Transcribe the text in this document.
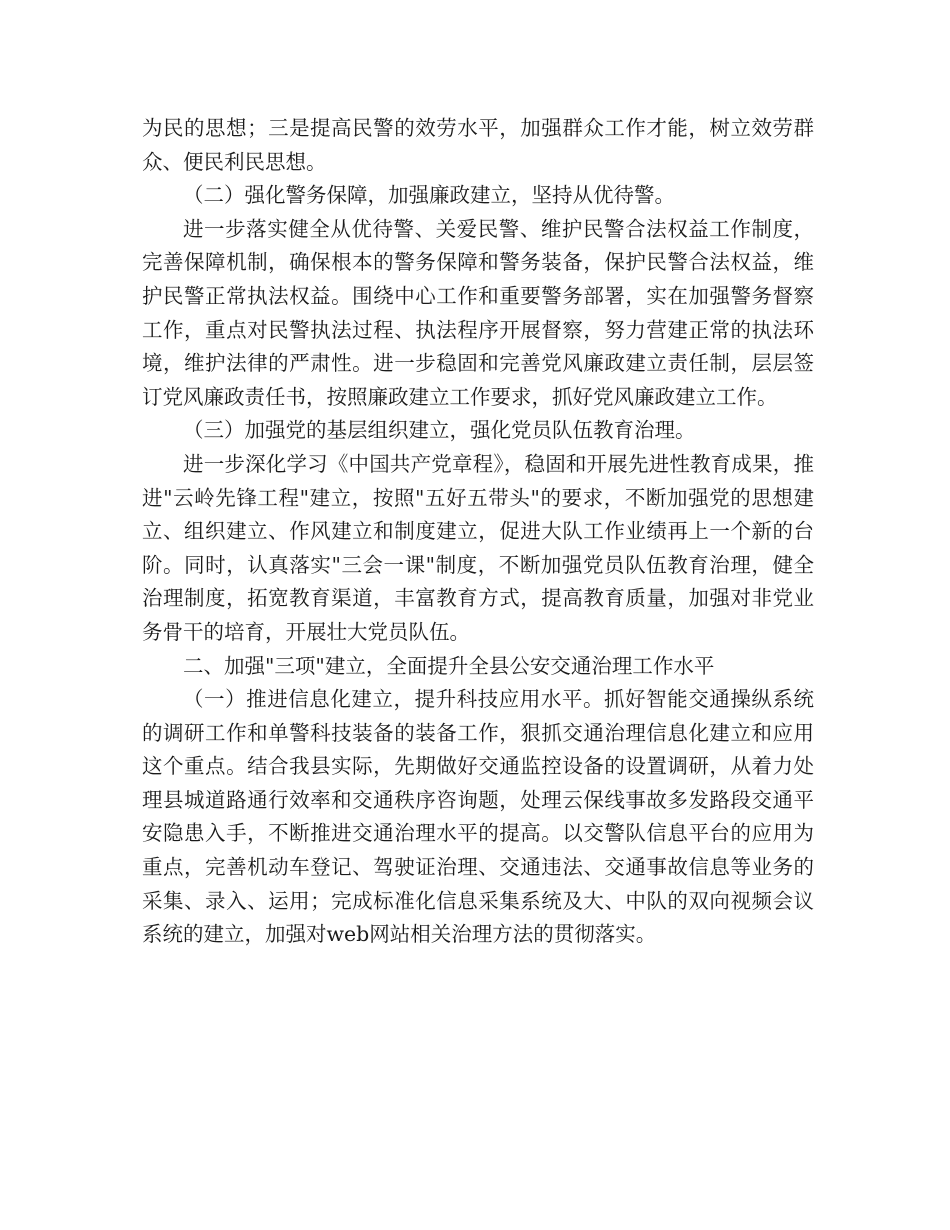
为民的思想；三是提高民警的效劳水平，加强群众工作才能，树立效劳群众、便民利民思想。

（二）强化警务保障，加强廉政建立，坚持从优待警。

进一步落实健全从优待警、关爱民警、维护民警合法权益工作制度，完善保障机制，确保根本的警务保障和警务装备，保护民警合法权益，维护民警正常执法权益。围绕中心工作和重要警务部署，实在加强警务督察工作，重点对民警执法过程、执法程序开展督察，努力营建正常的执法环境，维护法律的严肃性。进一步稳固和完善党风廉政建立责任制，层层签订党风廉政责任书，按照廉政建立工作要求，抓好党风廉政建立工作。

（三）加强党的基层组织建立，强化党员队伍教育治理。

进一步深化学习《中国共产党章程》，稳固和开展先进性教育成果，推进"云岭先锋工程"建立，按照"五好五带头"的要求，不断加强党的思想建立、组织建立、作风建立和制度建立，促进大队工作业绩再上一个新的台阶。同时，认真落实"三会一课"制度，不断加强党员队伍教育治理，健全治理制度，拓宽教育渠道，丰富教育方式，提高教育质量，加强对非党业务骨干的培育，开展壮大党员队伍。

二、加强"三项"建立，全面提升全县公安交通治理工作水平

（一）推进信息化建立，提升科技应用水平。抓好智能交通操纵系统的调研工作和单警科技装备的装备工作，狠抓交通治理信息化建立和应用这个重点。结合我县实际，先期做好交通监控设备的设置调研，从着力处理县城道路通行效率和交通秩序咨询题，处理云保线事故多发路段交通平安隐患入手，不断推进交通治理水平的提高。以交警队信息平台的应用为重点，完善机动车登记、驾驶证治理、交通违法、交通事故信息等业务的采集、录入、运用；完成标准化信息采集系统及大、中队的双向视频会议系统的建立，加强对web网站相关治理方法的贯彻落实。
